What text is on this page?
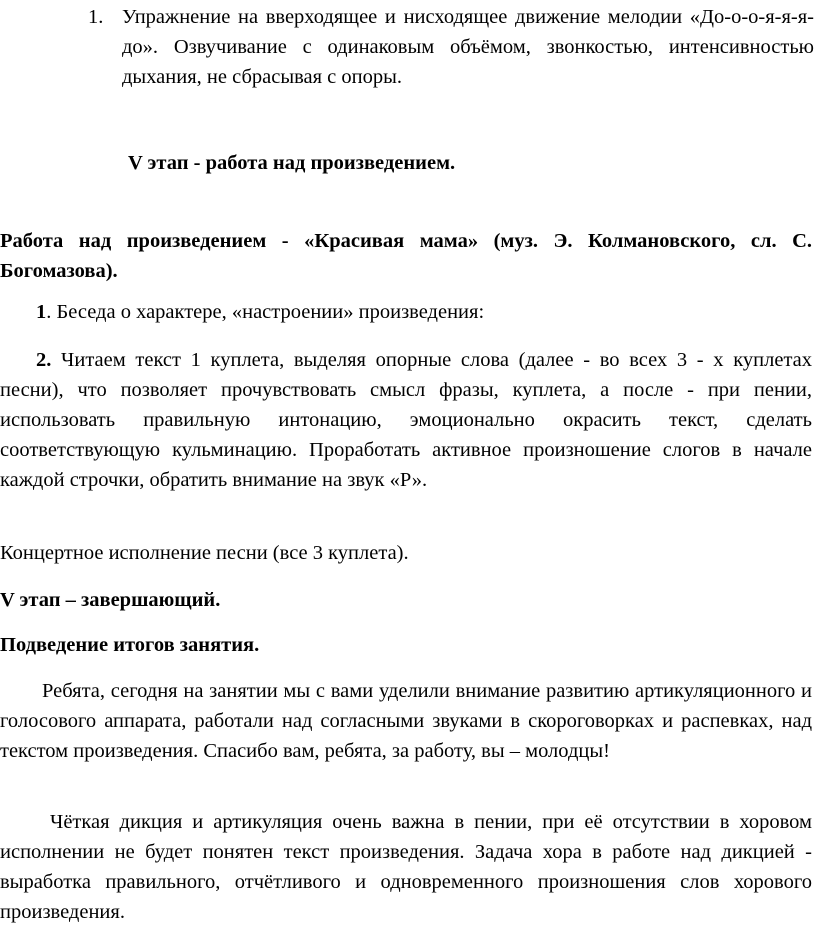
1. Упражнение на вверходящее и нисходящее движение мелодии «До-о-о-я-я-я-до». Озвучивание с одинаковым объёмом, звонкостью, интенсивностью дыхания, не сбрасывая с опоры.

V этап - работа над произведением.

Работа над произведением - «Красивая мама» (муз. Э. Колмановского, сл. С. Богомазова).

1. Беседа о характере, «настроении» произведения:

2. Читаем текст 1 куплета, выделяя опорные слова (далее - во всех 3 - х куплетах песни), что позволяет прочувствовать смысл фразы, куплета, а после - при пении, использовать правильную интонацию, эмоционально окрасить текст, сделать соответствующую кульминацию. Проработать активное произношение слогов в начале каждой строчки, обратить внимание на звук «Р».

Концертное исполнение песни (все 3 куплета).

V этап – завершающий.

Подведение итогов занятия.

Ребята, сегодня на занятии мы с вами уделили внимание развитию артикуляционного и голосового аппарата, работали над согласными звуками в скороговорках и распевках, над текстом произведения. Спасибо вам, ребята, за работу, вы – молодцы!

Чёткая дикция и артикуляция очень важна в пении, при её отсутствии в хоровом исполнении не будет понятен текст произведения. Задача хора в работе над дикцией - выработка правильного, отчётливого и одновременного произношения слов хорового произведения.
